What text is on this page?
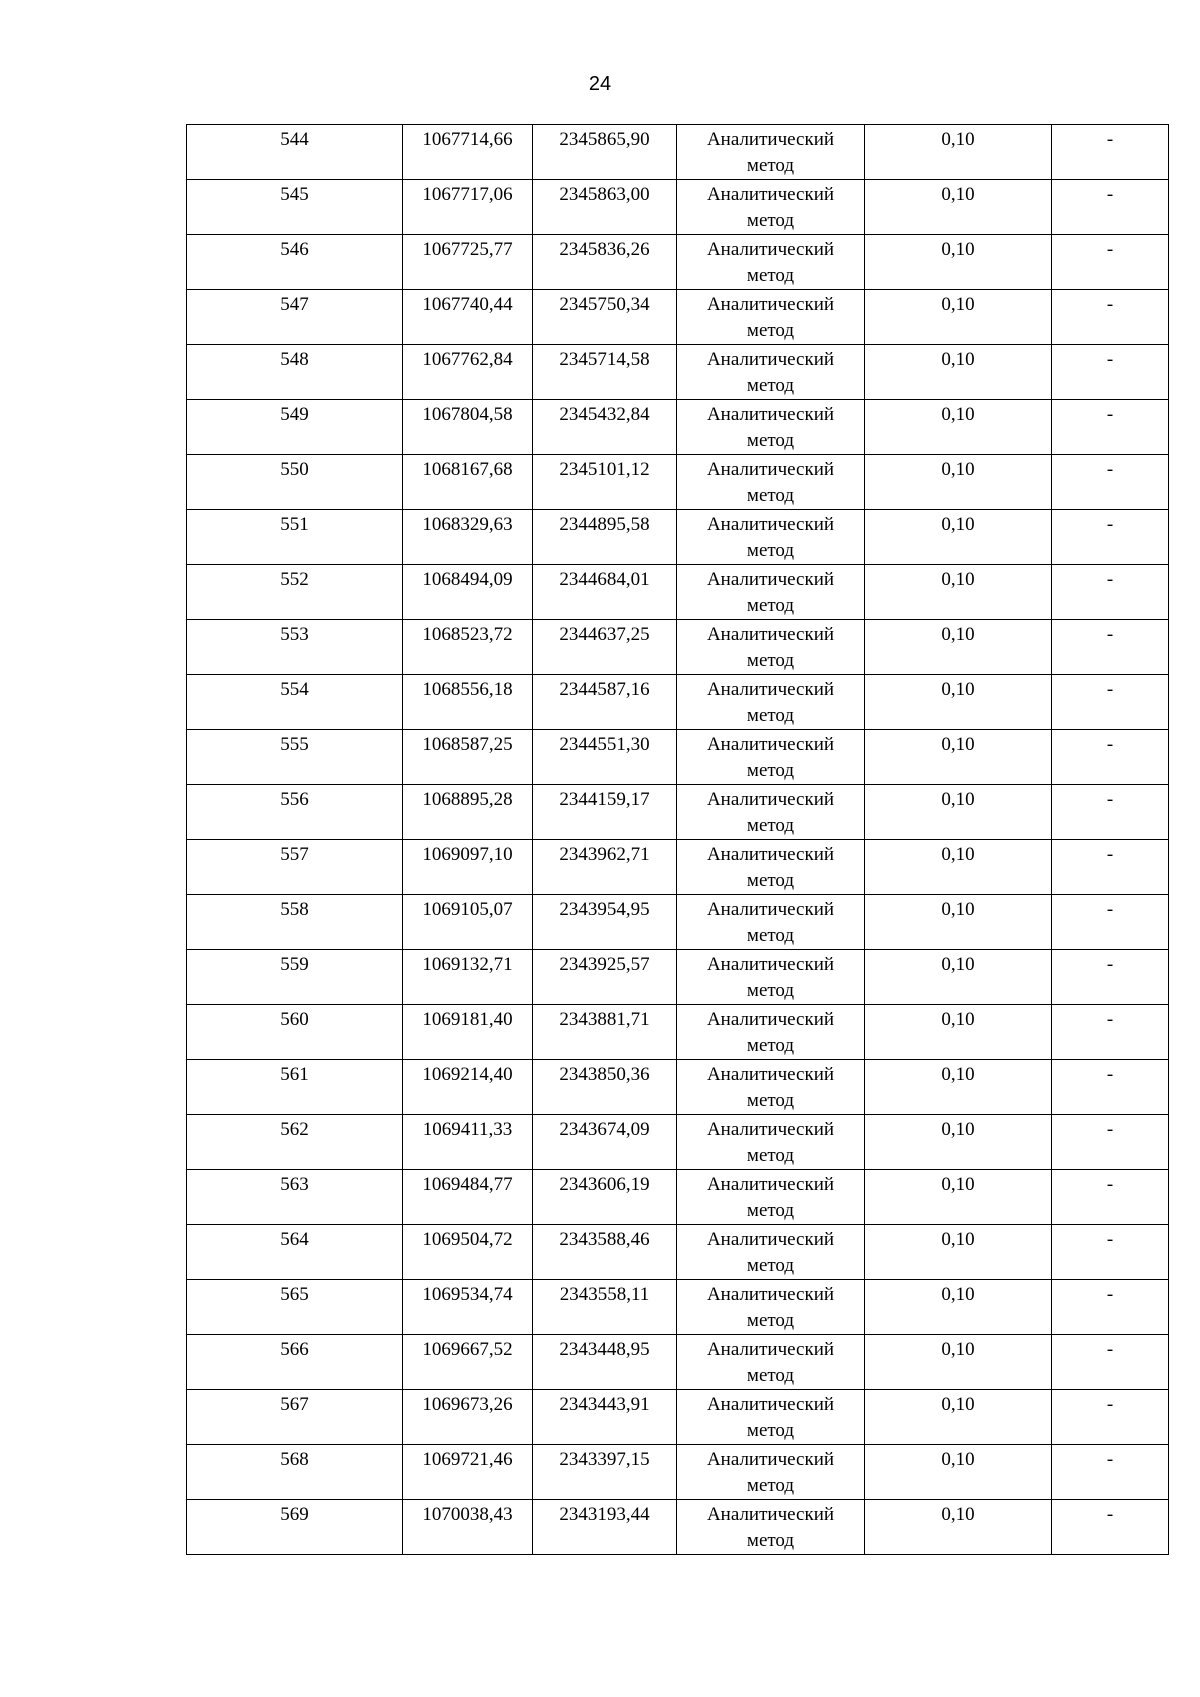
24
544	1067714,66	2345865,90	Аналитический
метод	0,10	-
545	1067717,06	2345863,00	Аналитический
метод	0,10	-
546	1067725,77	2345836,26	Аналитический
метод	0,10	-
547	1067740,44	2345750,34	Аналитический
метод	0,10	-
548	1067762,84	2345714,58	Аналитический
метод	0,10	-
549	1067804,58	2345432,84	Аналитический
метод	0,10	-
550	1068167,68	2345101,12	Аналитический
метод	0,10	-
551	1068329,63	2344895,58	Аналитический
метод	0,10	-
552	1068494,09	2344684,01	Аналитический
метод	0,10	-
553	1068523,72	2344637,25	Аналитический
метод	0,10	-
554	1068556,18	2344587,16	Аналитический
метод	0,10	-
555	1068587,25	2344551,30	Аналитический
метод	0,10	-
556	1068895,28	2344159,17	Аналитический
метод	0,10	-
557	1069097,10	2343962,71	Аналитический
метод	0,10	-
558	1069105,07	2343954,95	Аналитический
метод	0,10	-
559	1069132,71	2343925,57	Аналитический
метод	0,10	-
560	1069181,40	2343881,71	Аналитический
метод	0,10	-
561	1069214,40	2343850,36	Аналитический
метод	0,10	-
562	1069411,33	2343674,09	Аналитический
метод	0,10	-
563	1069484,77	2343606,19	Аналитический
метод	0,10	-
564	1069504,72	2343588,46	Аналитический
метод	0,10	-
565	1069534,74	2343558,11	Аналитический
метод	0,10	-
566	1069667,52	2343448,95	Аналитический
метод	0,10	-
567	1069673,26	2343443,91	Аналитический
метод	0,10	-
568	1069721,46	2343397,15	Аналитический
метод	0,10	-
569	1070038,43	2343193,44	Аналитический
метод	0,10	-
